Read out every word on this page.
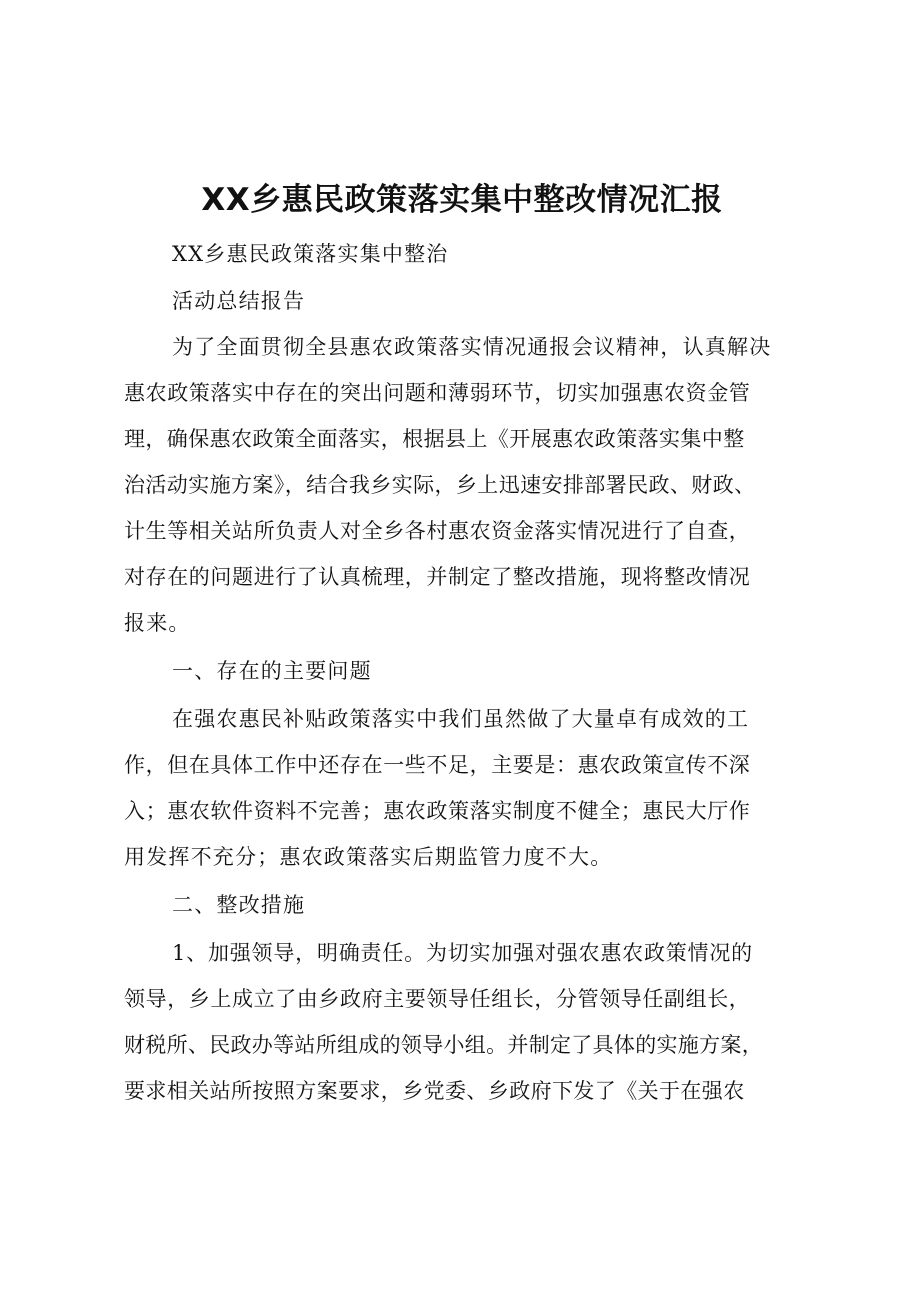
XX乡惠民政策落实集中整改情况汇报

XX乡惠民政策落实集中整治

活动总结报告

为了全面贯彻全县惠农政策落实情况通报会议精神，认真解决
惠农政策落实中存在的突出问题和薄弱环节，切实加强惠农资金管
理，确保惠农政策全面落实，根据县上《开展惠农政策落实集中整
治活动实施方案》，结合我乡实际，乡上迅速安排部署民政、财政、
计生等相关站所负责人对全乡各村惠农资金落实情况进行了自查，
对存在的问题进行了认真梳理，并制定了整改措施，现将整改情况
报来。

一、存在的主要问题

在强农惠民补贴政策落实中我们虽然做了大量卓有成效的工
作，但在具体工作中还存在一些不足，主要是：惠农政策宣传不深
入；惠农软件资料不完善；惠农政策落实制度不健全；惠民大厅作
用发挥不充分；惠农政策落实后期监管力度不大。

二、整改措施

1、加强领导，明确责任。为切实加强对强农惠农政策情况的
领导，乡上成立了由乡政府主要领导任组长，分管领导任副组长，
财税所、民政办等站所组成的领导小组。并制定了具体的实施方案，
要求相关站所按照方案要求，乡党委、乡政府下发了《关于在强农
